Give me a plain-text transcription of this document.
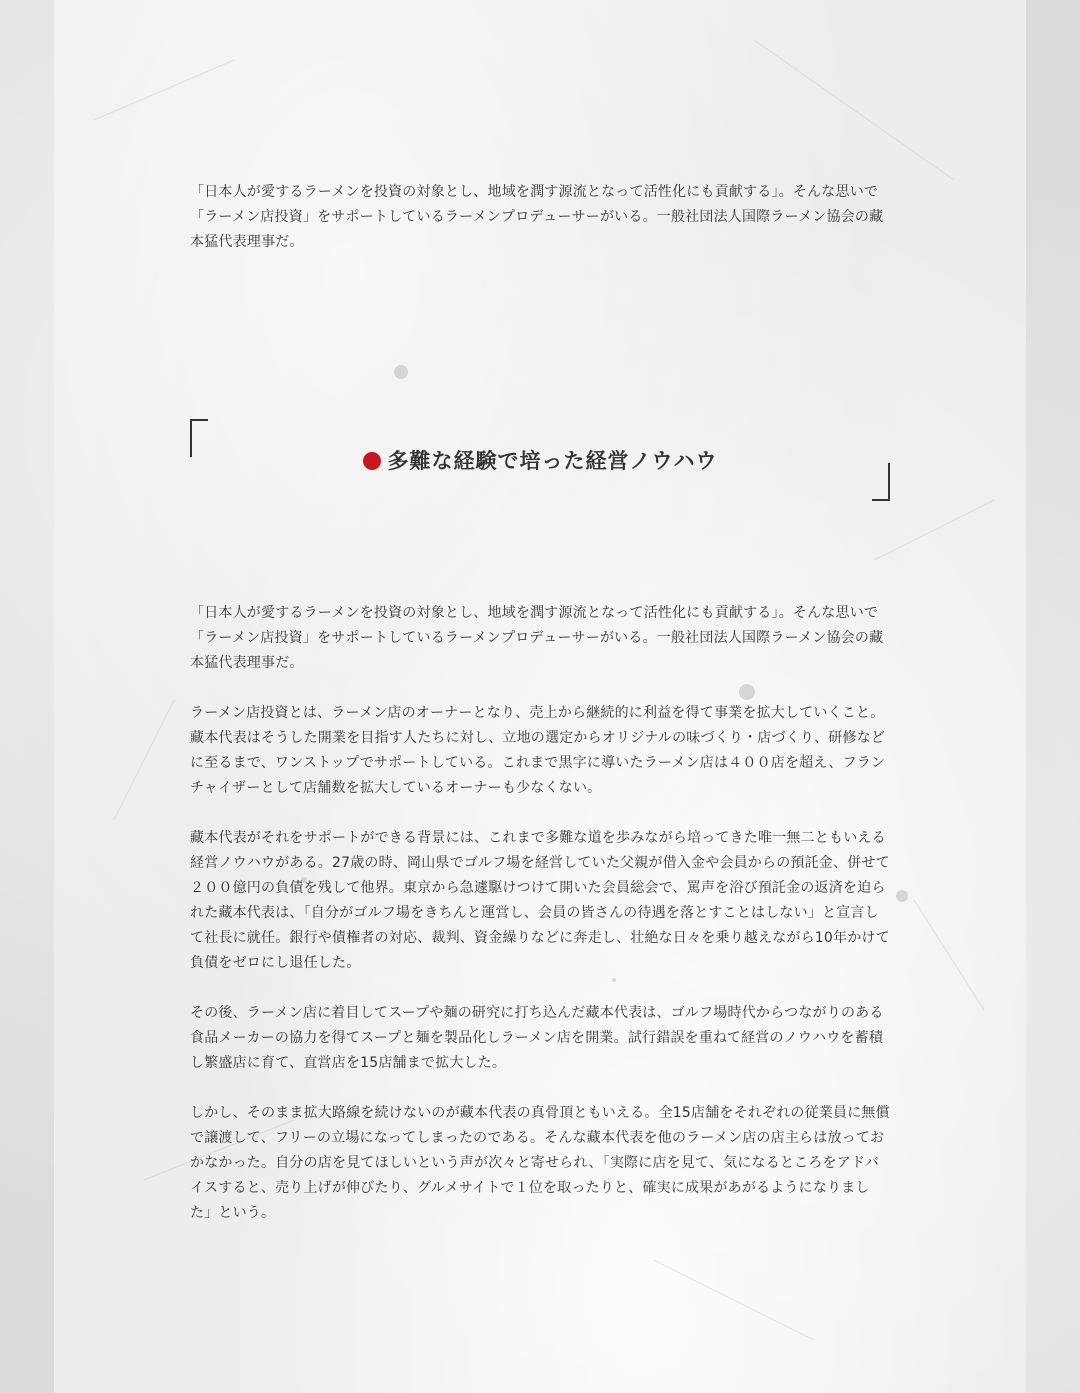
「日本人が愛するラーメンを投資の対象とし、地域を潤す源流となって活性化にも貢献する」。そんな思いで「ラーメン店投資」をサポートしているラーメンプロデューサーがいる。一般社団法人国際ラーメン協会の藏本猛代表理事だ。

多難な経験で培った経営ノウハウ

「日本人が愛するラーメンを投資の対象とし、地域を潤す源流となって活性化にも貢献する」。そんな思いで「ラーメン店投資」をサポートしているラーメンプロデューサーがいる。一般社団法人国際ラーメン協会の藏本猛代表理事だ。

ラーメン店投資とは、ラーメン店のオーナーとなり、売上から継続的に利益を得て事業を拡大していくこと。藏本代表はそうした開業を目指す人たちに対し、立地の選定からオリジナルの味づくり・店づくり、研修などに至るまで、ワンストップでサポートしている。これまで黒字に導いたラーメン店は４００店を超え、フランチャイザーとして店舗数を拡大しているオーナーも少なくない。

藏本代表がそれをサポートができる背景には、これまで多難な道を歩みながら培ってきた唯一無二ともいえる経営ノウハウがある。27歳の時、岡山県でゴルフ場を経営していた父親が借入金や会員からの預託金、併せて２００億円の負債を残して他界。東京から急遽駆けつけて開いた会員総会で、罵声を浴び預託金の返済を迫られた藏本代表は、「自分がゴルフ場をきちんと運営し、会員の皆さんの待遇を落とすことはしない」と宣言して社長に就任。銀行や債権者の対応、裁判、資金繰りなどに奔走し、壮絶な日々を乗り越えながら10年かけて負債をゼロにし退任した。

その後、ラーメン店に着目してスープや麺の研究に打ち込んだ藏本代表は、ゴルフ場時代からつながりのある食品メーカーの協力を得てスープと麺を製品化しラーメン店を開業。試行錯誤を重ねて経営のノウハウを蓄積し繁盛店に育て、直営店を15店舗まで拡大した。

しかし、そのまま拡大路線を続けないのが藏本代表の真骨頂ともいえる。全15店舗をそれぞれの従業員に無償で譲渡して、フリーの立場になってしまったのである。そんな藏本代表を他のラーメン店の店主らは放っておかなかった。自分の店を見てほしいという声が次々と寄せられ、「実際に店を見て、気になるところをアドバイスすると、売り上げが伸びたり、グルメサイトで１位を取ったりと、確実に成果があがるようになりました」という。
